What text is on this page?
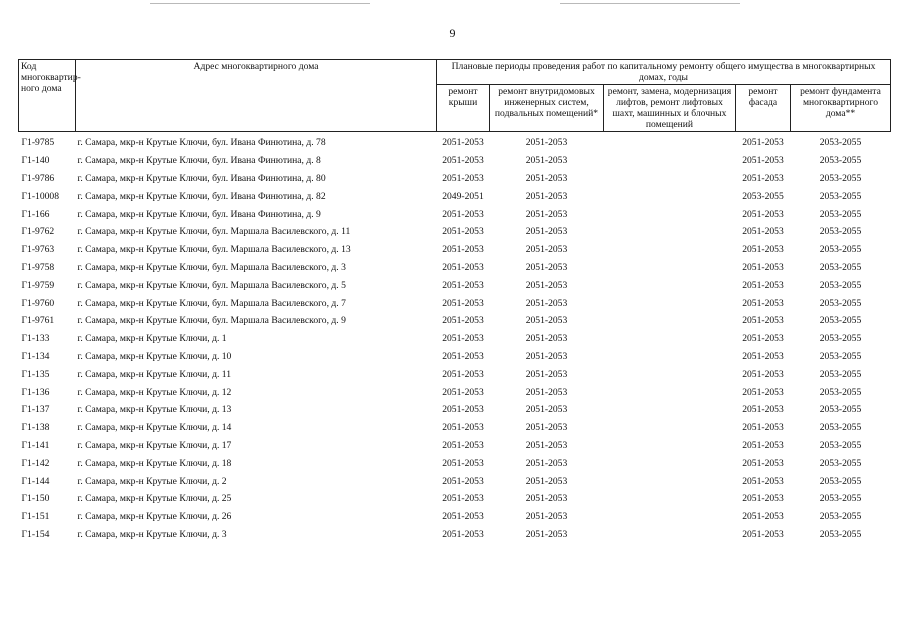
9
Код многоквартир-ного дома	Адрес многоквартирного дома	Плановые периоды проведения работ по капитальному ремонту общего имущества в многоквартирных домах, годы				
		ремонт крыши	ремонт внутридомовых инженерных систем, подвальных помещений*	ремонт, замена, модернизация лифтов, ремонт лифтовых шахт, машинных и блочных помещений	ремонт фасада	ремонт фундамента многоквартирного дома**
Г1-9785	г. Самара, мкр-н Крутые Ключи, бул. Ивана Финютина, д. 78	2051-2053	2051-2053		2051-2053	2053-2055
Г1-140	г. Самара, мкр-н Крутые Ключи, бул. Ивана Финютина, д. 8	2051-2053	2051-2053		2051-2053	2053-2055
Г1-9786	г. Самара, мкр-н Крутые Ключи, бул. Ивана Финютина, д. 80	2051-2053	2051-2053		2051-2053	2053-2055
Г1-10008	г. Самара, мкр-н Крутые Ключи, бул. Ивана Финютина, д. 82	2049-2051	2051-2053		2053-2055	2053-2055
Г1-166	г. Самара, мкр-н Крутые Ключи, бул. Ивана Финютина, д. 9	2051-2053	2051-2053		2051-2053	2053-2055
Г1-9762	г. Самара, мкр-н Крутые Ключи, бул. Маршала Василевского, д. 11	2051-2053	2051-2053		2051-2053	2053-2055
Г1-9763	г. Самара, мкр-н Крутые Ключи, бул. Маршала Василевского, д. 13	2051-2053	2051-2053		2051-2053	2053-2055
Г1-9758	г. Самара, мкр-н Крутые Ключи, бул. Маршала Василевского, д. 3	2051-2053	2051-2053		2051-2053	2053-2055
Г1-9759	г. Самара, мкр-н Крутые Ключи, бул. Маршала Василевского, д. 5	2051-2053	2051-2053		2051-2053	2053-2055
Г1-9760	г. Самара, мкр-н Крутые Ключи, бул. Маршала Василевского, д. 7	2051-2053	2051-2053		2051-2053	2053-2055
Г1-9761	г. Самара, мкр-н Крутые Ключи, бул. Маршала Василевского, д. 9	2051-2053	2051-2053		2051-2053	2053-2055
Г1-133	г. Самара, мкр-н Крутые Ключи, д. 1	2051-2053	2051-2053		2051-2053	2053-2055
Г1-134	г. Самара, мкр-н Крутые Ключи, д. 10	2051-2053	2051-2053		2051-2053	2053-2055
Г1-135	г. Самара, мкр-н Крутые Ключи, д. 11	2051-2053	2051-2053		2051-2053	2053-2055
Г1-136	г. Самара, мкр-н Крутые Ключи, д. 12	2051-2053	2051-2053		2051-2053	2053-2055
Г1-137	г. Самара, мкр-н Крутые Ключи, д. 13	2051-2053	2051-2053		2051-2053	2053-2055
Г1-138	г. Самара, мкр-н Крутые Ключи, д. 14	2051-2053	2051-2053		2051-2053	2053-2055
Г1-141	г. Самара, мкр-н Крутые Ключи, д. 17	2051-2053	2051-2053		2051-2053	2053-2055
Г1-142	г. Самара, мкр-н Крутые Ключи, д. 18	2051-2053	2051-2053		2051-2053	2053-2055
Г1-144	г. Самара, мкр-н Крутые Ключи, д. 2	2051-2053	2051-2053		2051-2053	2053-2055
Г1-150	г. Самара, мкр-н Крутые Ключи, д. 25	2051-2053	2051-2053		2051-2053	2053-2055
Г1-151	г. Самара, мкр-н Крутые Ключи, д. 26	2051-2053	2051-2053		2051-2053	2053-2055
Г1-154	г. Самара, мкр-н Крутые Ключи, д. 3	2051-2053	2051-2053		2051-2053	2053-2055
